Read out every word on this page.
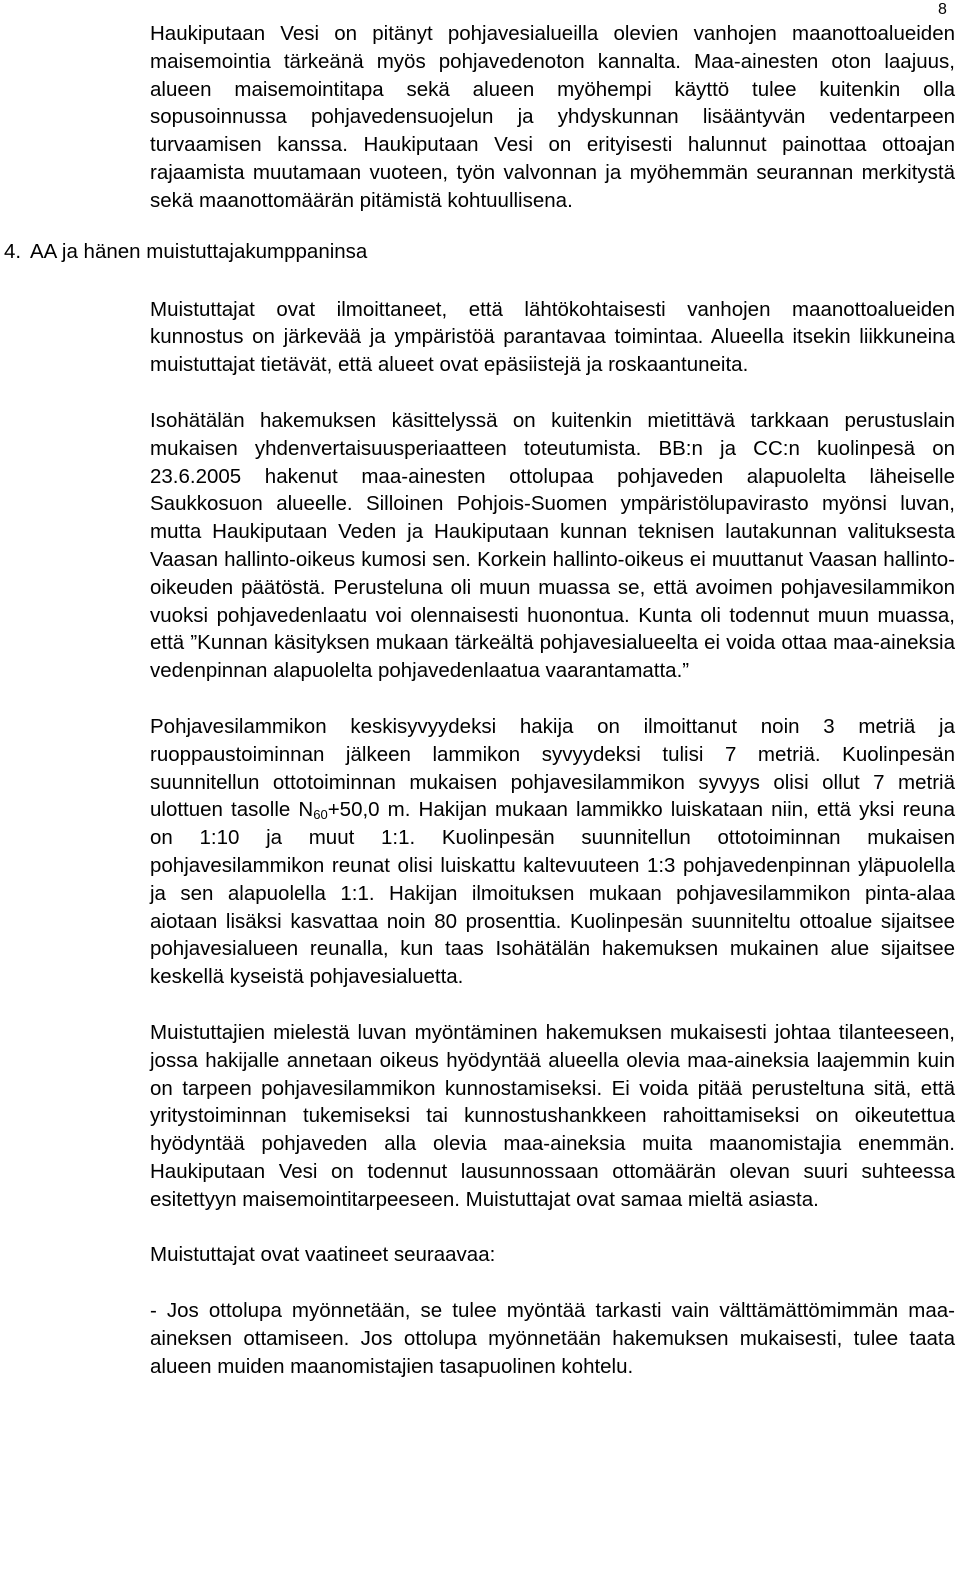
8

Haukiputaan Vesi on pitänyt pohjavesialueilla olevien vanhojen maanottoalueiden maisemointia tärkeänä myös pohjavedenoton kannalta. Maa-ainesten oton laajuus, alueen maisemointitapa sekä alueen myöhempi käyttö tulee kuitenkin olla sopusoinnussa pohjavedensuojelun ja yhdyskunnan lisääntyvän vedentarpeen turvaamisen kanssa. Haukiputaan Vesi on erityisesti halunnut painottaa ottoajan rajaamista muutamaan vuoteen, työn valvonnan ja myöhemmän seurannan merkitystä sekä maanottomäärän pitämistä kohtuullisena.

4. AA ja hänen muistuttajakumppaninsa

Muistuttajat ovat ilmoittaneet, että lähtökohtaisesti vanhojen maanottoalueiden kunnostus on järkevää ja ympäristöä parantavaa toimintaa. Alueella itsekin liikkuneina muistuttajat tietävät, että alueet ovat epäsiistejä ja roskaantuneita.

Isohätälän hakemuksen käsittelyssä on kuitenkin mietittävä tarkkaan perustuslain mukaisen yhdenvertaisuusperiaatteen toteutumista. BB:n ja CC:n kuolinpesä on 23.6.2005 hakenut maa-ainesten ottolupaa pohjaveden alapuolelta läheiselle Saukkosuon alueelle. Silloinen Pohjois-Suomen ympäristölupavirasto myönsi luvan, mutta Haukiputaan Veden ja Haukiputaan kunnan teknisen lautakunnan valituksesta Vaasan hallinto-oikeus kumosi sen. Korkein hallinto-oikeus ei muuttanut Vaasan hallinto-oikeuden päätöstä. Perusteluna oli muun muassa se, että avoimen pohjavesilammikon vuoksi pohjavedenlaatu voi olennaisesti huonontua. Kunta oli todennut muun muassa, että ”Kunnan käsityksen mukaan tärkeältä pohjavesialueelta ei voida ottaa maa-aineksia vedenpinnan alapuolelta pohjavedenlaatua vaarantamatta.”

Pohjavesilammikon keskisyvyydeksi hakija on ilmoittanut noin 3 metriä ja ruoppaustoiminnan jälkeen lammikon syvyydeksi tulisi 7 metriä. Kuolinpesän suunnitellun ottotoiminnan mukaisen pohjavesilammikon syvyys olisi ollut 7 metriä ulottuen tasolle $N_{60}+50,0$ m. Hakijan mukaan lammikko luiskataan niin, että yksi reuna on 1:10 ja muut 1:1. Kuolinpesän suunnitellun ottotoiminnan mukaisen pohjavesilammikon reunat olisi luiskattu kaltevuuteen 1:3 pohjavedenpinnan yläpuolella ja sen alapuolella 1:1. Hakijan ilmoituksen mukaan pohjavesilammikon pinta-alaa aiotaan lisäksi kasvattaa noin 80 prosenttia. Kuolinpesän suunniteltu ottoalue sijaitsee pohjavesialueen reunalla, kun taas Isohätälän hakemuksen mukainen alue sijaitsee keskellä kyseistä pohjavesialuetta.

Muistuttajien mielestä luvan myöntäminen hakemuksen mukaisesti johtaa tilanteeseen, jossa hakijalle annetaan oikeus hyödyntää alueella olevia maa-aineksia laajemmin kuin on tarpeen pohjavesilammikon kunnostamiseksi. Ei voida pitää perusteltuna sitä, että yritystoiminnan tukemiseksi tai kunnostushankkeen rahoittamiseksi on oikeutettua hyödyntää pohjaveden alla olevia maa-aineksia muita maanomistajia enemmän. Haukiputaan Vesi on todennut lausunnossaan ottomäärän olevan suuri suhteessa esitettyyn maisemointitarpeeseen. Muistuttajat ovat samaa mieltä asiasta.

Muistuttajat ovat vaatineet seuraavaa:

- Jos ottolupa myönnetään, se tulee myöntää tarkasti vain välttämättömimmän maa-aineksen ottamiseen. Jos ottolupa myönnetään hakemuksen mukaisesti, tulee taata alueen muiden maanomistajien tasapuolinen kohtelu.
